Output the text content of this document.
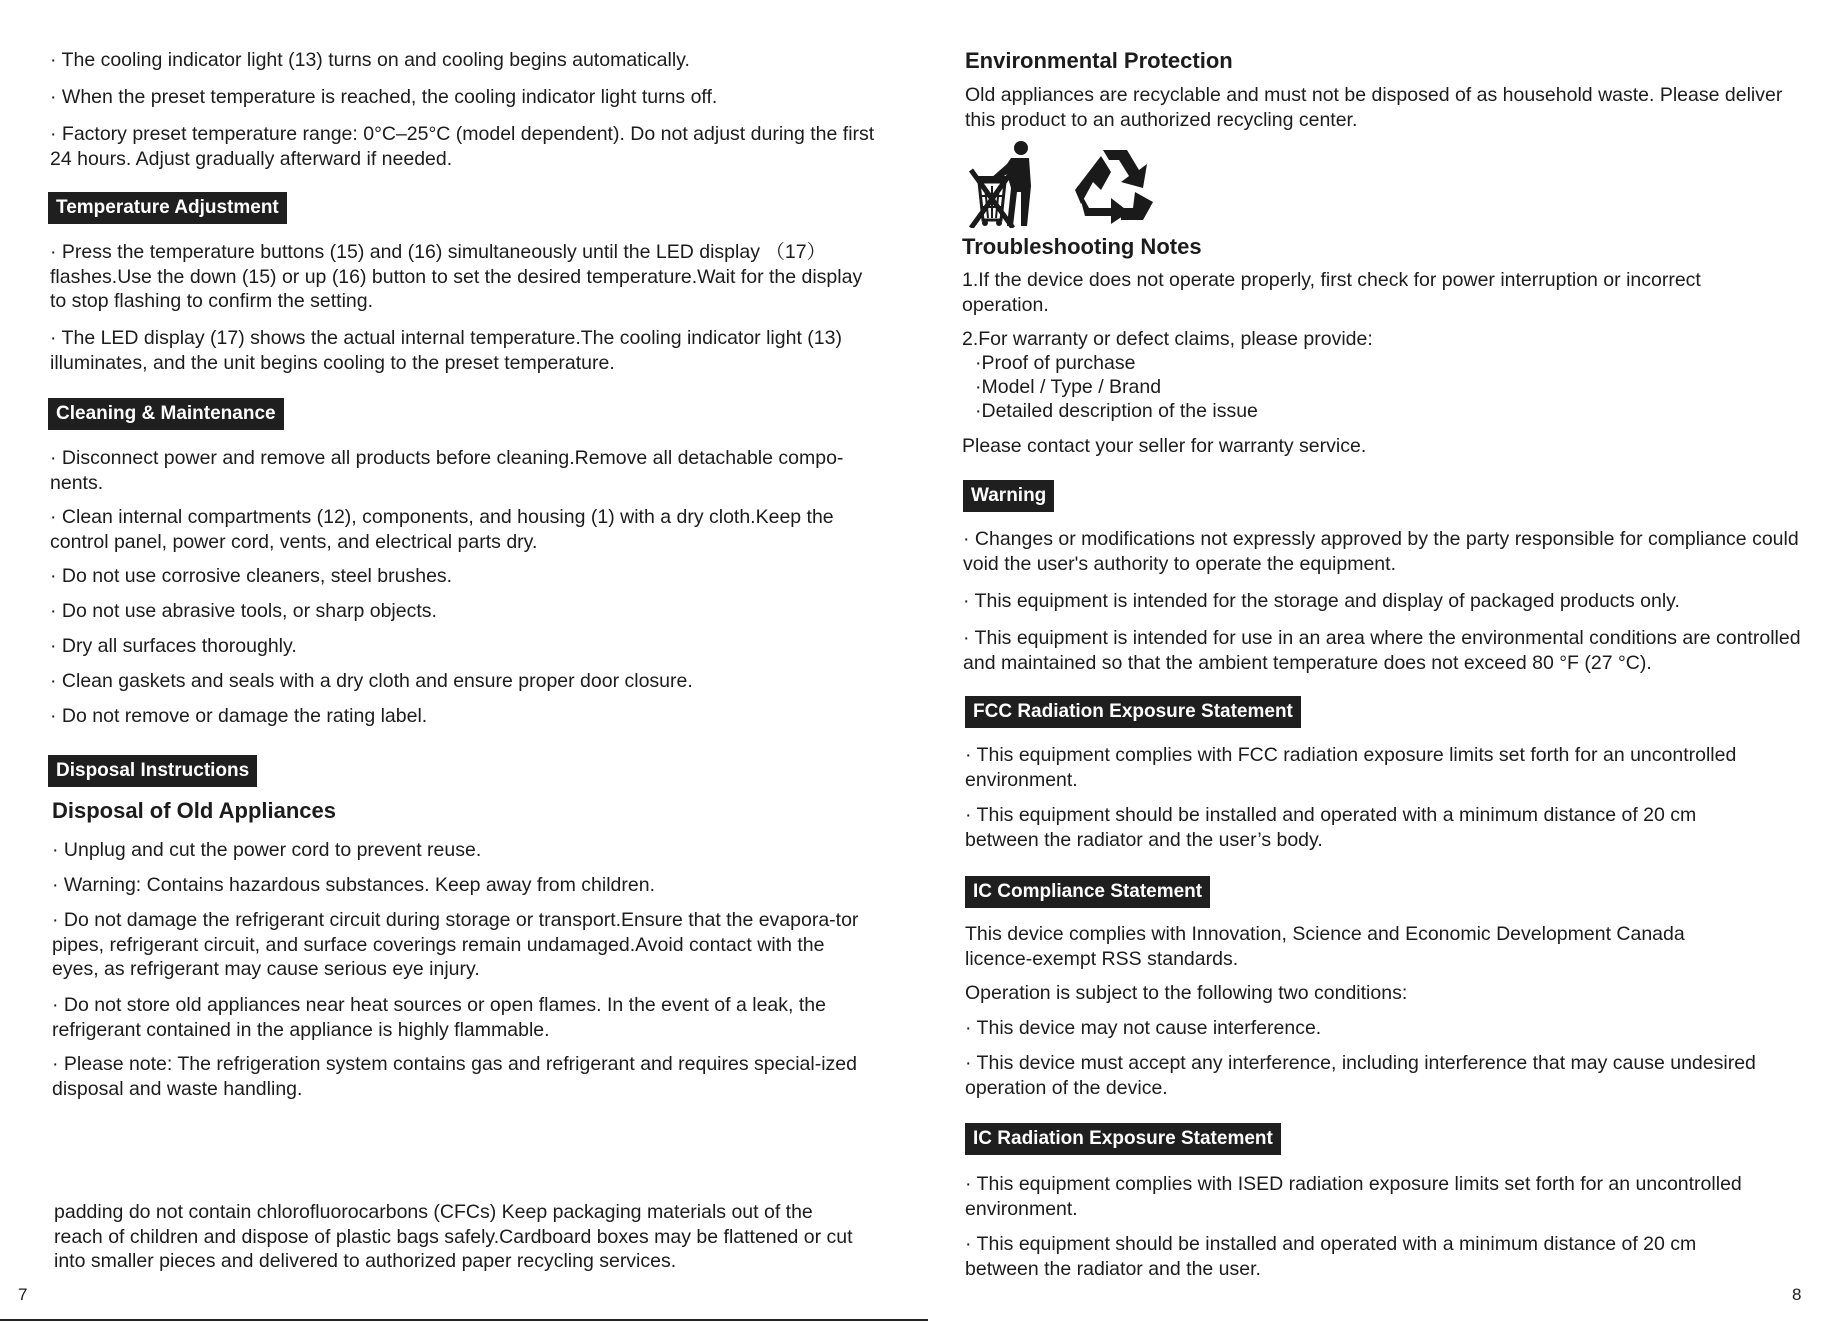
· The cooling indicator light (13) turns on and cooling begins automatically.

· When the preset temperature is reached, the cooling indicator light turns off.

· Factory preset temperature range: 0°C–25°C (model dependent). Do not adjust during the first 24 hours. Adjust gradually afterward if needed.

Temperature Adjustment

· Press the temperature buttons (15) and (16) simultaneously until the LED display （17） flashes.Use the down (15) or up (16) button to set the desired temperature.Wait for the display to stop flashing to confirm the setting.

· The LED display (17) shows the actual internal temperature.The cooling indicator light (13) illuminates, and the unit begins cooling to the preset temperature.

Cleaning & Maintenance

· Disconnect power and remove all products before cleaning.Remove all detachable compo-nents.

· Clean internal compartments (12), components, and housing (1) with a dry cloth.Keep the control panel, power cord, vents, and electrical parts dry.

· Do not use corrosive cleaners, steel brushes.

· Do not use abrasive tools, or sharp objects.

· Dry all surfaces thoroughly.

· Clean gaskets and seals with a dry cloth and ensure proper door closure.

· Do not remove or damage the rating label.

Disposal Instructions
Disposal of Old Appliances

· Unplug and cut the power cord to prevent reuse.

· Warning: Contains hazardous substances. Keep away from children.

· Do not damage the refrigerant circuit during storage or transport.Ensure that the evapora-tor pipes, refrigerant circuit, and surface coverings remain undamaged.Avoid contact with the eyes, as refrigerant may cause serious eye injury.

· Do not store old appliances near heat sources or open flames. In the event of a leak, the refrigerant contained in the appliance is highly flammable.

· Please note: The refrigeration system contains gas and refrigerant and requires special-ized disposal and waste handling.

padding do not contain chlorofluorocarbons (CFCs) Keep packaging materials out of the reach of children and dispose of plastic bags safely.Cardboard boxes may be flattened or cut into smaller pieces and delivered to authorized paper recycling services.

7
Environmental Protection

Old appliances are recyclable and must not be disposed of as household waste. Please deliver this product to an authorized recycling center.

Troubleshooting Notes

1.If the device does not operate properly, first check for power interruption or incorrect operation.

2.For warranty or defect claims, please provide:

·Proof of purchase

·Model / Type / Brand

·Detailed description of the issue

Please contact your seller for warranty service.

Warning

· Changes or modifications not expressly approved by the party responsible for compliance could void the user's authority to operate the equipment.

· This equipment is intended for the storage and display of packaged products only.

· This equipment is intended for use in an area where the environmental conditions are controlled and maintained so that the ambient temperature does not exceed 80 °F (27 °C).

FCC Radiation Exposure Statement

· This equipment complies with FCC radiation exposure limits set forth for an uncontrolled environment.

· This equipment should be installed and operated with a minimum distance of 20 cm between the radiator and the user’s body.

IC Compliance Statement

This device complies with Innovation, Science and Economic Development Canada licence-exempt RSS standards.

Operation is subject to the following two conditions:

· This device may not cause interference.

· This device must accept any interference, including interference that may cause undesired operation of the device.

IC Radiation Exposure Statement

· This equipment complies with ISED radiation exposure limits set forth for an uncontrolled environment.

· This equipment should be installed and operated with a minimum distance of 20 cm between the radiator and the user.

8
